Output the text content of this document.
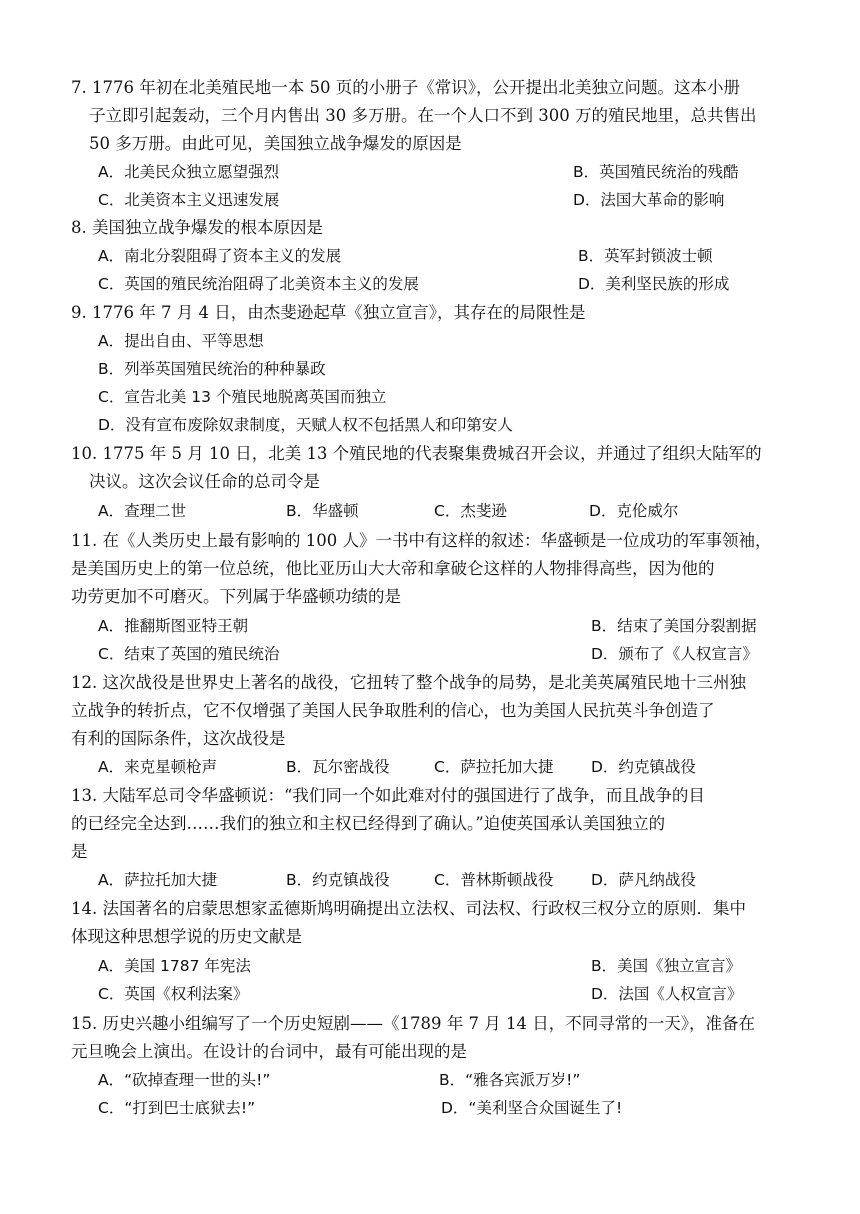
7. 1776 年初在北美殖民地一本 50 页的小册子《常识》，公开提出北美独立问题。这本小册
子立即引起轰动，三个月内售出 30 多万册。在一个人口不到 300 万的殖民地里，总共售出
50 多万册。由此可见，美国独立战争爆发的原因是
A．北美民众独立愿望强烈	B．英国殖民统治的残酷
C．北美资本主义迅速发展	D．法国大革命的影响
8. 美国独立战争爆发的根本原因是
A．南北分裂阻碍了资本主义的发展	B．英军封锁波士顿
C．英国的殖民统治阻碍了北美资本主义的发展	D．美利坚民族的形成
9. 1776 年 7 月 4 日，由杰斐逊起草《独立宣言》，其存在的局限性是
A．提出自由、平等思想
B．列举英国殖民统治的种种暴政
C．宣告北美 13 个殖民地脱离英国而独立
D．没有宣布废除奴隶制度，天赋人权不包括黑人和印第安人
10. 1775 年 5 月 10 日，北美 13 个殖民地的代表聚集费城召开会议，并通过了组织大陆军的
决议。这次会议任命的总司令是
A．查理二世	B．华盛顿	C．杰斐逊	D．克伦威尔
11. 在《人类历史上最有影响的 100 人》一书中有这样的叙述：华盛顿是一位成功的军事领袖，
是美国历史上的第一位总统，他比亚历山大大帝和拿破仑这样的人物排得高些，因为他的
功劳更加不可磨灭。下列属于华盛顿功绩的是
A．推翻斯图亚特王朝	B．结束了美国分裂割据
C．结束了英国的殖民统治	D．颁布了《人权宣言》
12. 这次战役是世界史上著名的战役，它扭转了整个战争的局势，是北美英属殖民地十三州独
立战争的转折点，它不仅增强了美国人民争取胜利的信心，也为美国人民抗英斗争创造了
有利的国际条件，这次战役是
A．来克星顿枪声	B．瓦尔密战役	C．萨拉托加大捷 D．约克镇战役
13. 大陆军总司令华盛顿说：“我们同一个如此难对付的强国进行了战争，而且战争的目
的已经完全达到……我们的独立和主权已经得到了确认。”迫使英国承认美国独立的
是
A．萨拉托加大捷	B．约克镇战役	C．普林斯顿战役 D．萨凡纳战役
14. 法国著名的启蒙思想家孟德斯鸠明确提出立法权、司法权、行政权三权分立的原则．集中
体现这种思想学说的历史文献是
A．美国 1787 年宪法	B．美国《独立宣言》
C．英国《权利法案》	D．法国《人权宣言》
15. 历史兴趣小组编写了一个历史短剧——《1789 年 7 月 14 日，不同寻常的一天》，准备在
元旦晚会上演出。在设计的台词中，最有可能出现的是
A．“砍掉查理一世的头!”	B．“雅各宾派万岁!”
C．“打到巴士底狱去!”	D．“美利坚合众国诞生了!
